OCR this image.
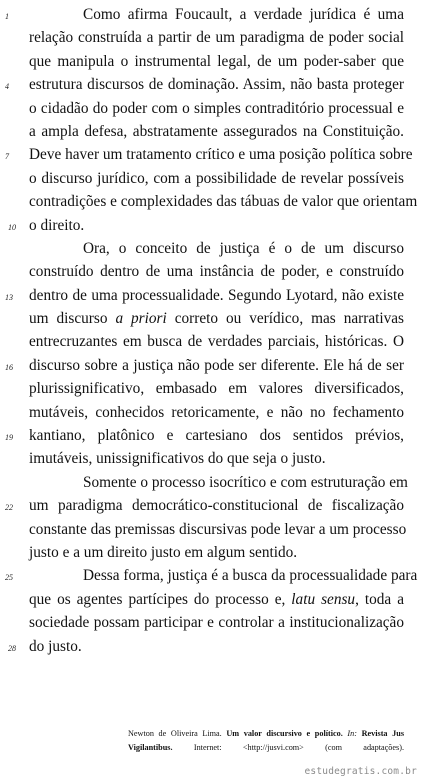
1	Como afirma Foucault, a verdade jurídica é uma
relação construída a partir de um paradigma de poder social
que manipula o instrumental legal, de um poder-saber que
4	estrutura discursos de dominação. Assim, não basta proteger
o cidadão do poder com o simples contraditório processual e
a ampla defesa, abstratamente assegurados na Constituição.
7	Deve haver um tratamento crítico e uma posição política sobre
o discurso jurídico, com a possibilidade de revelar possíveis
contradições e complexidades das tábuas de valor que orientam
10 o direito.
Ora, o conceito de justiça é o de um discurso
construído dentro de uma instância de poder, e construído
13	dentro de uma processualidade. Segundo Lyotard, não existe
um discurso a priori correto ou verídico, mas narrativas
entrecruzantes em busca de verdades parciais, históricas. O
16	discurso sobre a justiça não pode ser diferente. Ele há de ser
plurissignificativo, embasado em valores diversificados,
mutáveis, conhecidos retoricamente, e não no fechamento
19	kantiano, platônico e cartesiano dos sentidos prévios,
imutáveis, unissignificativos do que seja o justo.
Somente o processo isocrítico e com estruturação em
22	um paradigma democrático-constitucional de fiscalização
constante das premissas discursivas pode levar a um processo
justo e a um direito justo em algum sentido.
25	Dessa forma, justiça é a busca da processualidade para
que os agentes partícipes do processo e, latu sensu, toda a
sociedade possam participar e controlar a institucionalização
28 do justo.
Newton de Oliveira Lima. Um valor discursivo e político. In: Revista Jus Vigilantibus.	Internet: <http://jusvi.com> (com adaptações).
estudegratis.com.br
